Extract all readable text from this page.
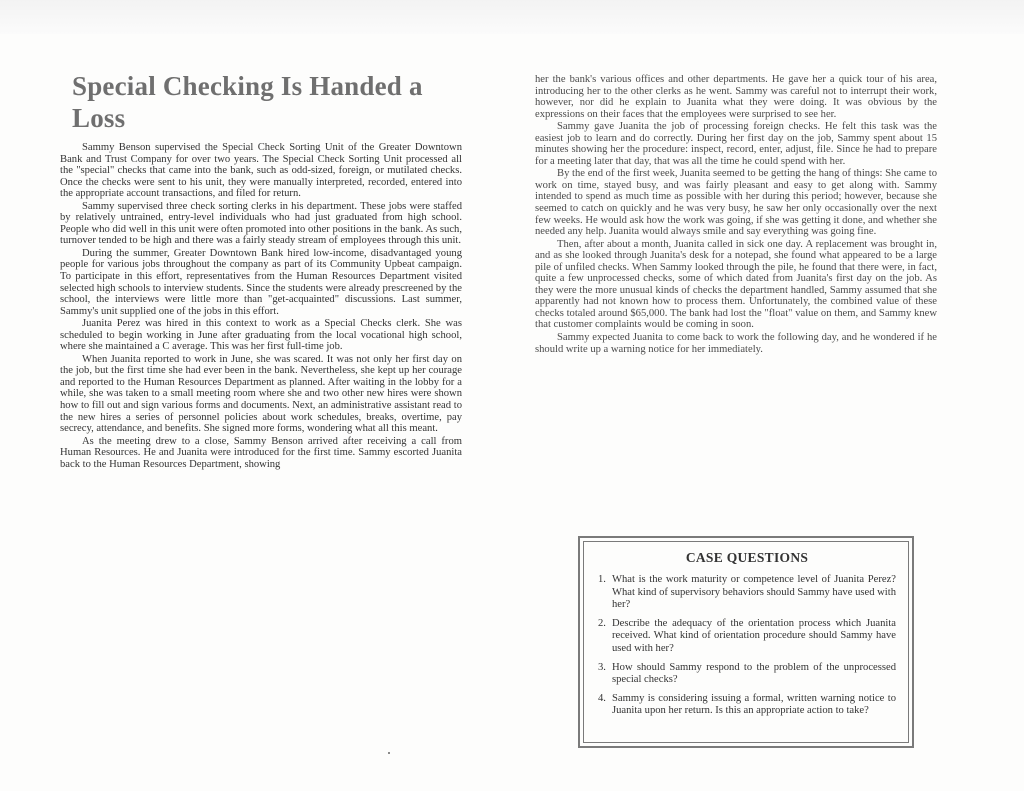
Special Checking Is Handed a Loss

Sammy Benson supervised the Special Check Sorting Unit of the Greater Downtown Bank and Trust Company for over two years. The Special Check Sorting Unit processed all the "special" checks that came into the bank, such as odd-sized, foreign, or mutilated checks. Once the checks were sent to his unit, they were manually interpreted, recorded, entered into the appropriate account transactions, and filed for return.

Sammy supervised three check sorting clerks in his department. These jobs were staffed by relatively untrained, entry-level individuals who had just graduated from high school. People who did well in this unit were often promoted into other positions in the bank. As such, turnover tended to be high and there was a fairly steady stream of employees through this unit.

During the summer, Greater Downtown Bank hired low-income, disadvantaged young people for various jobs throughout the company as part of its Community Upbeat campaign. To participate in this effort, representatives from the Human Resources Department visited selected high schools to interview students. Since the students were already prescreened by the school, the interviews were little more than "get-acquainted" discussions. Last summer, Sammy's unit supplied one of the jobs in this effort.

Juanita Perez was hired in this context to work as a Special Checks clerk. She was scheduled to begin working in June after graduating from the local vocational high school, where she maintained a C average. This was her first full-time job.

When Juanita reported to work in June, she was scared. It was not only her first day on the job, but the first time she had ever been in the bank. Nevertheless, she kept up her courage and reported to the Human Resources Department as planned. After waiting in the lobby for a while, she was taken to a small meeting room where she and two other new hires were shown how to fill out and sign various forms and documents. Next, an administrative assistant read to the new hires a series of personnel policies about work schedules, breaks, overtime, pay secrecy, attendance, and benefits. She signed more forms, wondering what all this meant.

As the meeting drew to a close, Sammy Benson arrived after receiving a call from Human Resources. He and Juanita were introduced for the first time. Sammy escorted Juanita back to the Human Resources Department, showing

her the bank's various offices and other departments. He gave her a quick tour of his area, introducing her to the other clerks as he went. Sammy was careful not to interrupt their work, however, nor did he explain to Juanita what they were doing. It was obvious by the expressions on their faces that the employees were surprised to see her.

Sammy gave Juanita the job of processing foreign checks. He felt this task was the easiest job to learn and do correctly. During her first day on the job, Sammy spent about 15 minutes showing her the procedure: inspect, record, enter, adjust, file. Since he had to prepare for a meeting later that day, that was all the time he could spend with her.

By the end of the first week, Juanita seemed to be getting the hang of things: She came to work on time, stayed busy, and was fairly pleasant and easy to get along with. Sammy intended to spend as much time as possible with her during this period; however, because she seemed to catch on quickly and he was very busy, he saw her only occasionally over the next few weeks. He would ask how the work was going, if she was getting it done, and whether she needed any help. Juanita would always smile and say everything was going fine.

Then, after about a month, Juanita called in sick one day. A replacement was brought in, and as she looked through Juanita's desk for a notepad, she found what appeared to be a large pile of unfiled checks. When Sammy looked through the pile, he found that there were, in fact, quite a few unprocessed checks, some of which dated from Juanita's first day on the job. As they were the more unusual kinds of checks the department handled, Sammy assumed that she apparently had not known how to process them. Unfortunately, the combined value of these checks totaled around $65,000. The bank had lost the "float" value on them, and Sammy knew that customer complaints would be coming in soon.

Sammy expected Juanita to come back to work the following day, and he wondered if he should write up a warning notice for her immediately.

CASE QUESTIONS
1. What is the work maturity or competence level of Juanita Perez? What kind of supervisory behaviors should Sammy have used with her?
2. Describe the adequacy of the orientation process which Juanita received. What kind of orientation procedure should Sammy have used with her?
3. How should Sammy respond to the problem of the unprocessed special checks?
4. Sammy is considering issuing a formal, written warning notice to Juanita upon her return. Is this an appropriate action to take?
